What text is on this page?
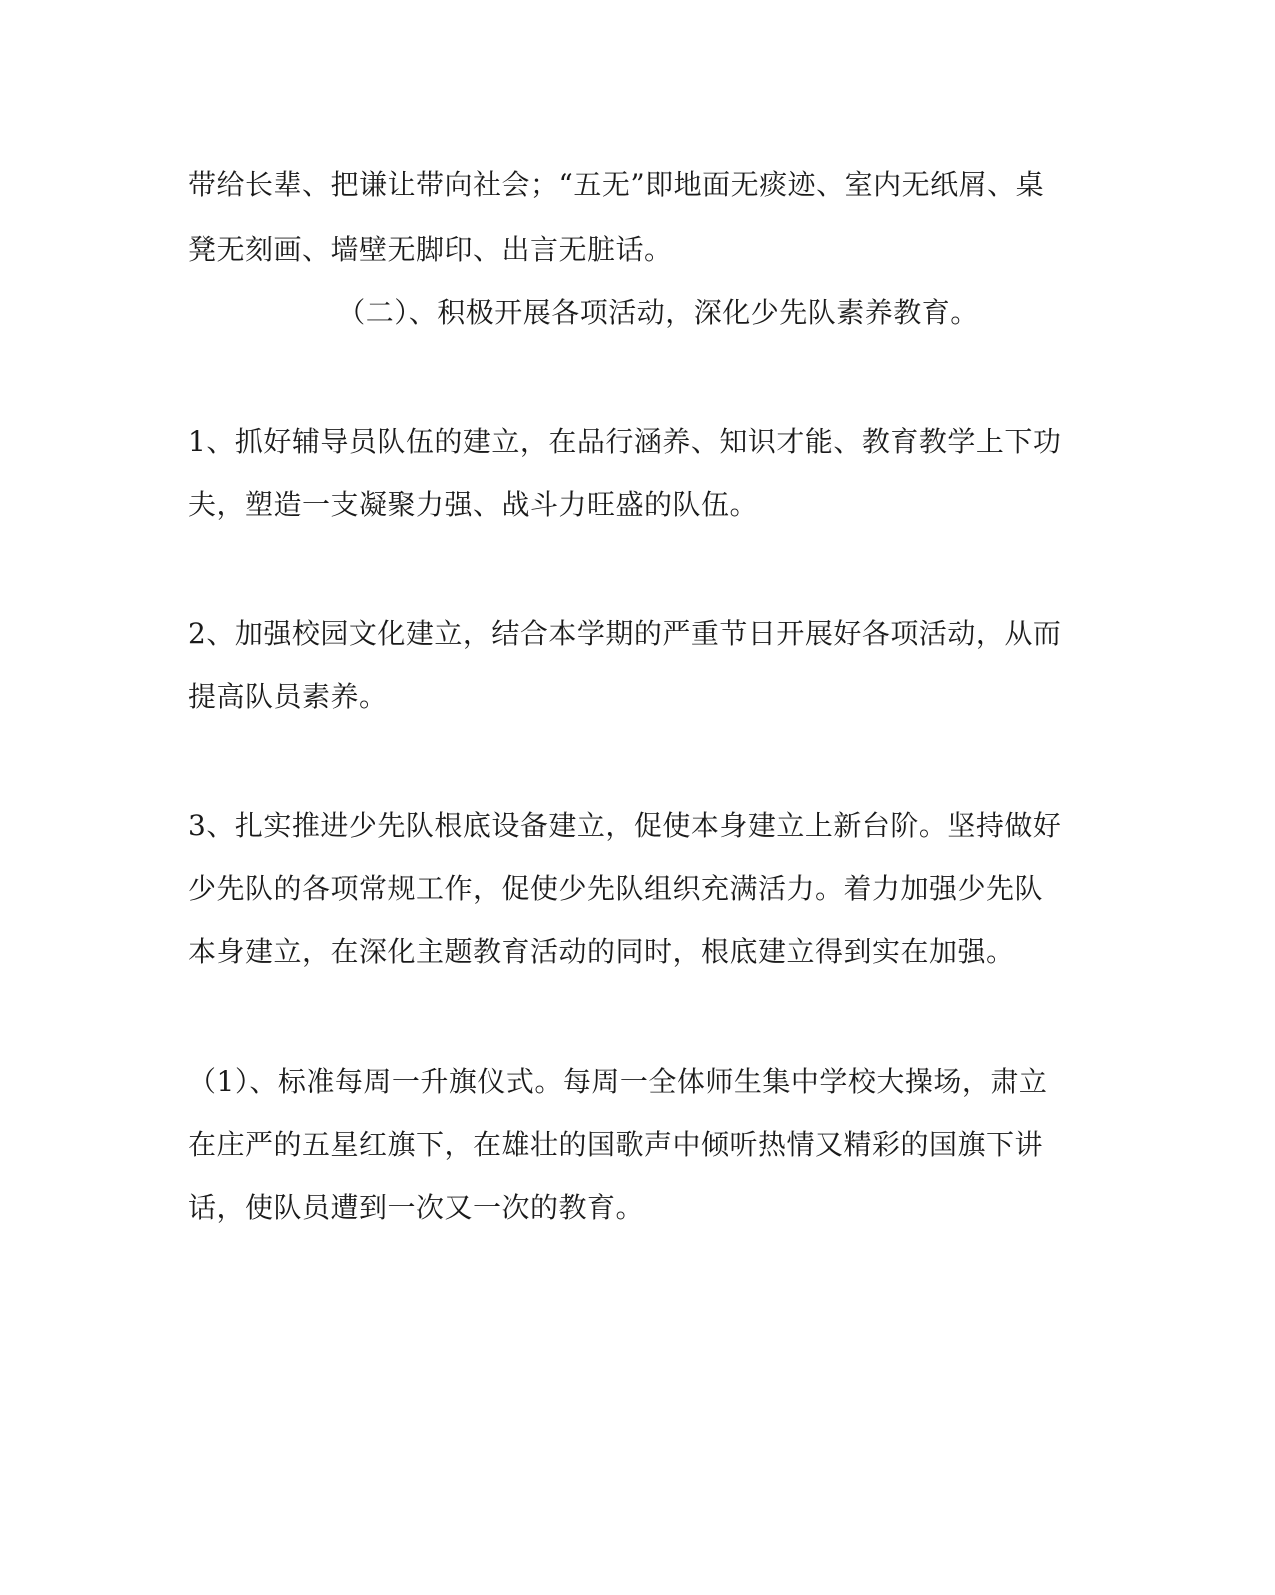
带给长辈、把谦让带向社会；“五无”即地面无痰迹、室内无纸屑、桌
凳无刻画、墙壁无脚印、出言无脏话。
（二）、积极开展各项活动，深化少先队素养教育。
1、抓好辅导员队伍的建立，在品行涵养、知识才能、教育教学上下功
夫，塑造一支凝聚力强、战斗力旺盛的队伍。
2、加强校园文化建立，结合本学期的严重节日开展好各项活动，从而
提高队员素养。
3、扎实推进少先队根底设备建立，促使本身建立上新台阶。坚持做好
少先队的各项常规工作，促使少先队组织充满活力。着力加强少先队
本身建立，在深化主题教育活动的同时，根底建立得到实在加强。
（1）、标准每周一升旗仪式。每周一全体师生集中学校大操场，肃立
在庄严的五星红旗下，在雄壮的国歌声中倾听热情又精彩的国旗下讲
话，使队员遭到一次又一次的教育。
